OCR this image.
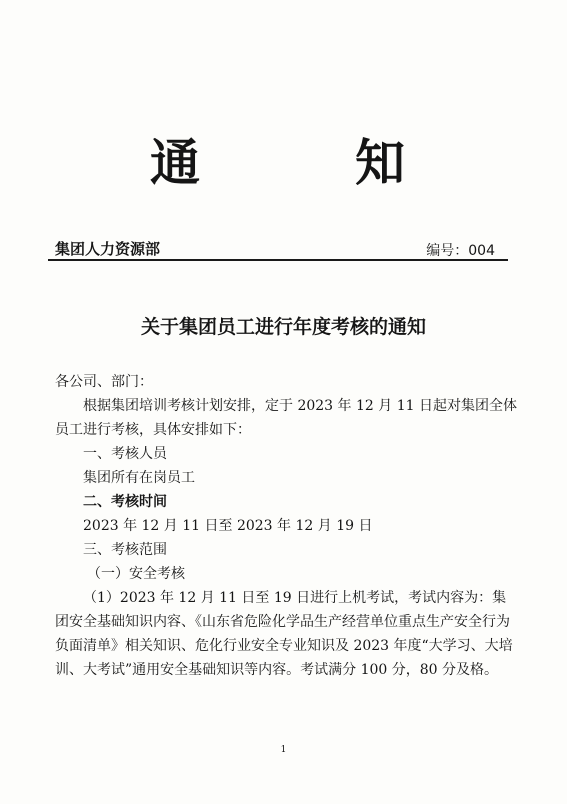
通	知
集团人力资源部	编号：004
关于集团员工进行年度考核的通知

各公司、部门：

根据集团培训考核计划安排，定于 2023 年 12 月 11 日起对集团全体员工进行考核，具体安排如下：

一、考核人员

集团所有在岗员工

二、考核时间

2023 年 12 月 11 日至 2023 年 12 月 19 日

三、考核范围

（一）安全考核

（1）2023 年 12 月 11 日至 19 日进行上机考试，考试内容为：集团安全基础知识内容、《山东省危险化学品生产经营单位重点生产安全行为负面清单》相关知识、危化行业安全专业知识及 2023 年度“大学习、大培训、大考试”通用安全基础知识等内容。考试满分 100 分，80 分及格。

1
